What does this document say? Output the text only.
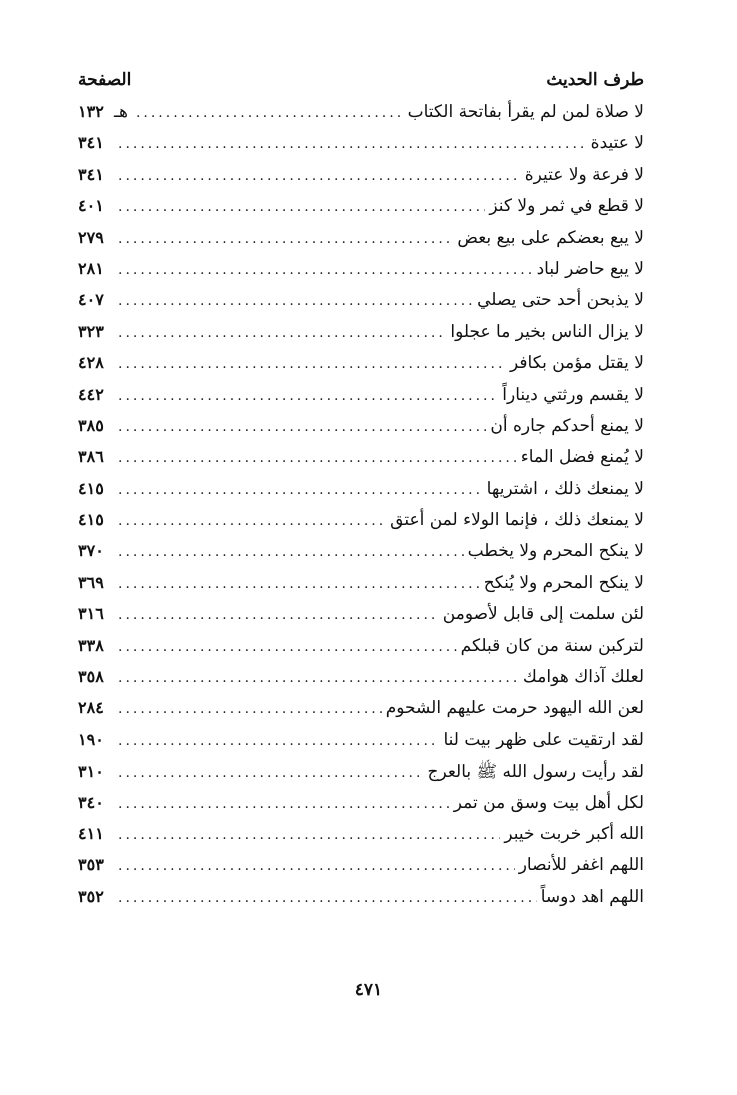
طرف الحديث
الصفحة
لا صلاة لمن لم يقرأ بفاتحة الكتاب
.....
هـ
١٣٢
لا عتيدة
.....
٣٤١
لا فرعة ولا عتيرة
.....
٣٤١
لا قطع في ثمر ولا كنز
.....
٤٠١
لا يبع بعضكم على بيع بعض
.....
٢٧٩
لا يبع حاضر لباد
.....
٢٨١
لا يذبحن أحد حتى يصلي
.....
٤٠٧
لا يزال الناس بخير ما عجلوا
.....
٣٢٣
لا يقتل مؤمن بكافر
.....
٤٢٨
لا يقسم ورثتي ديناراً
.....
٤٤٢
لا يمنع أحدكم جاره أن
.....
٣٨٥
لا يُمنع فضل الماء
.....
٣٨٦
لا يمنعك ذلك ، اشتريها
.....
٤١٥
لا يمنعك ذلك ، فإنما الولاء لمن أعتق
.....
٤١٥
لا ينكح المحرم ولا يخطب
.....
٣٧٠
لا ينكح المحرم ولا يُنكح
.....
٣٦٩
لئن سلمت إلى قابل لأصومن
.....
٣١٦
لتركبن سنة من كان قبلكم
.....
٣٣٨
لعلك آذاك هوامك
.....
٣٥٨
لعن الله اليهود حرمت عليهم الشحوم
.....
٢٨٤
لقد ارتقيت على ظهر بيت لنا
.....
١٩٠
لقد رأيت رسول الله ﷺ بالعرج
.....
٣١٠
لكل أهل بيت وسق من تمر
.....
٣٤٠
الله أكبر خربت خيبر
.....
٤١١
اللهم اغفر للأنصار
.....
٣٥٣
اللهم اهد دوساً
.....
٣٥٢
٤٧١
